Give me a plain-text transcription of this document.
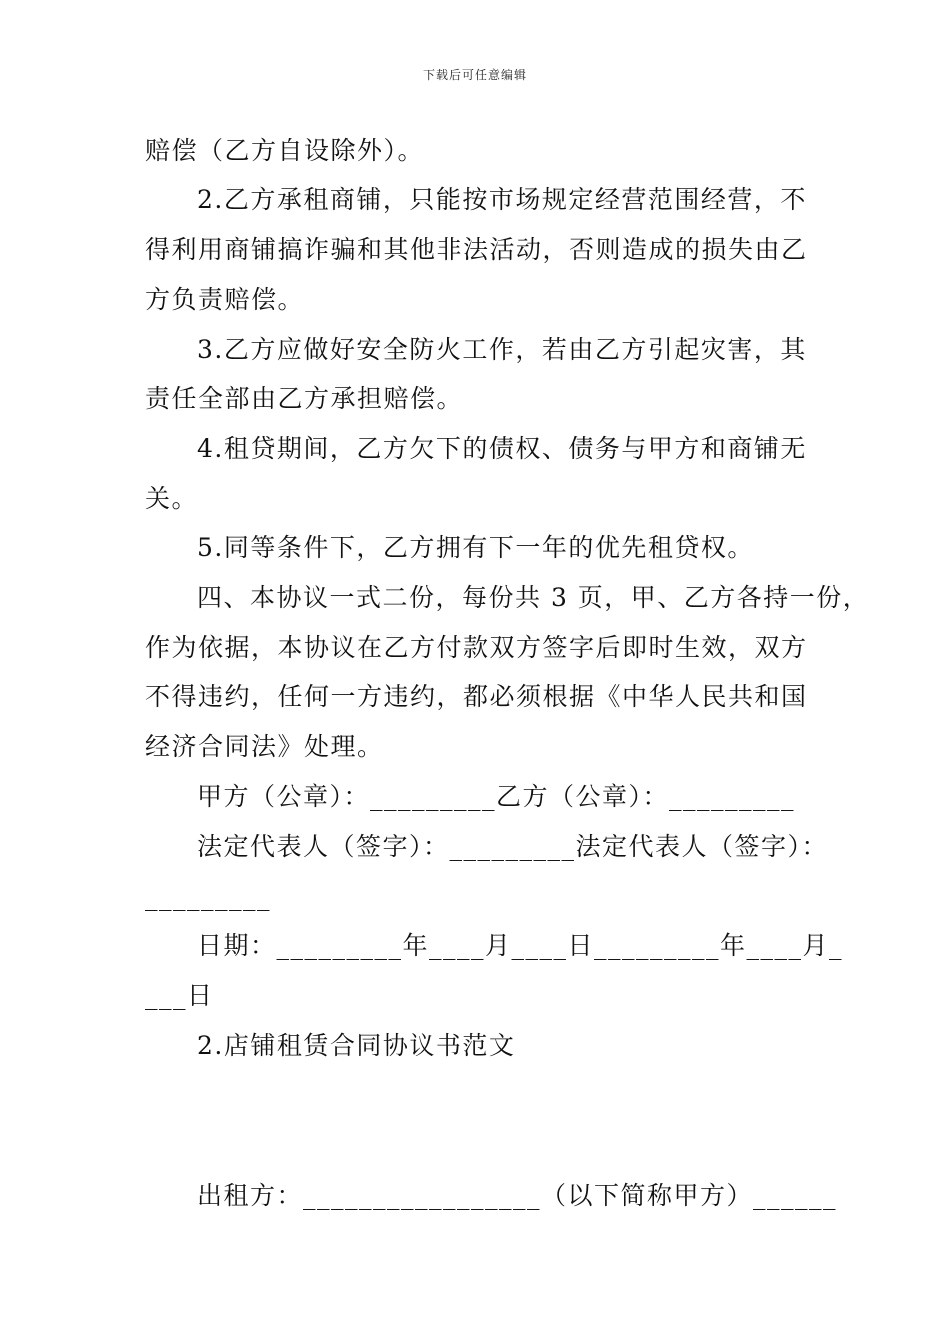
下载后可任意编辑
赔偿（乙方自设除外）。
2.乙方承租商铺，只能按市场规定经营范围经营，不
得利用商铺搞诈骗和其他非法活动，否则造成的损失由乙
方负责赔偿。
3.乙方应做好安全防火工作，若由乙方引起灾害，其
责任全部由乙方承担赔偿。
4.租贷期间，乙方欠下的债权、债务与甲方和商铺无
关。
5.同等条件下，乙方拥有下一年的优先租贷权。
四、本协议一式二份，每份共 3 页，甲、乙方各持一份，
作为依据，本协议在乙方付款双方签字后即时生效，双方
不得违约，任何一方违约，都必须根据《中华人民共和国
经济合同法》处理。
甲方（公章）：_________乙方（公章）：_________
法定代表人（签字）：_________法定代表人（签字）：
_________
日期：_________年____月____日_________年____月_
___日
2.店铺租赁合同协议书范文
出租方：_________________（以下简称甲方）______
